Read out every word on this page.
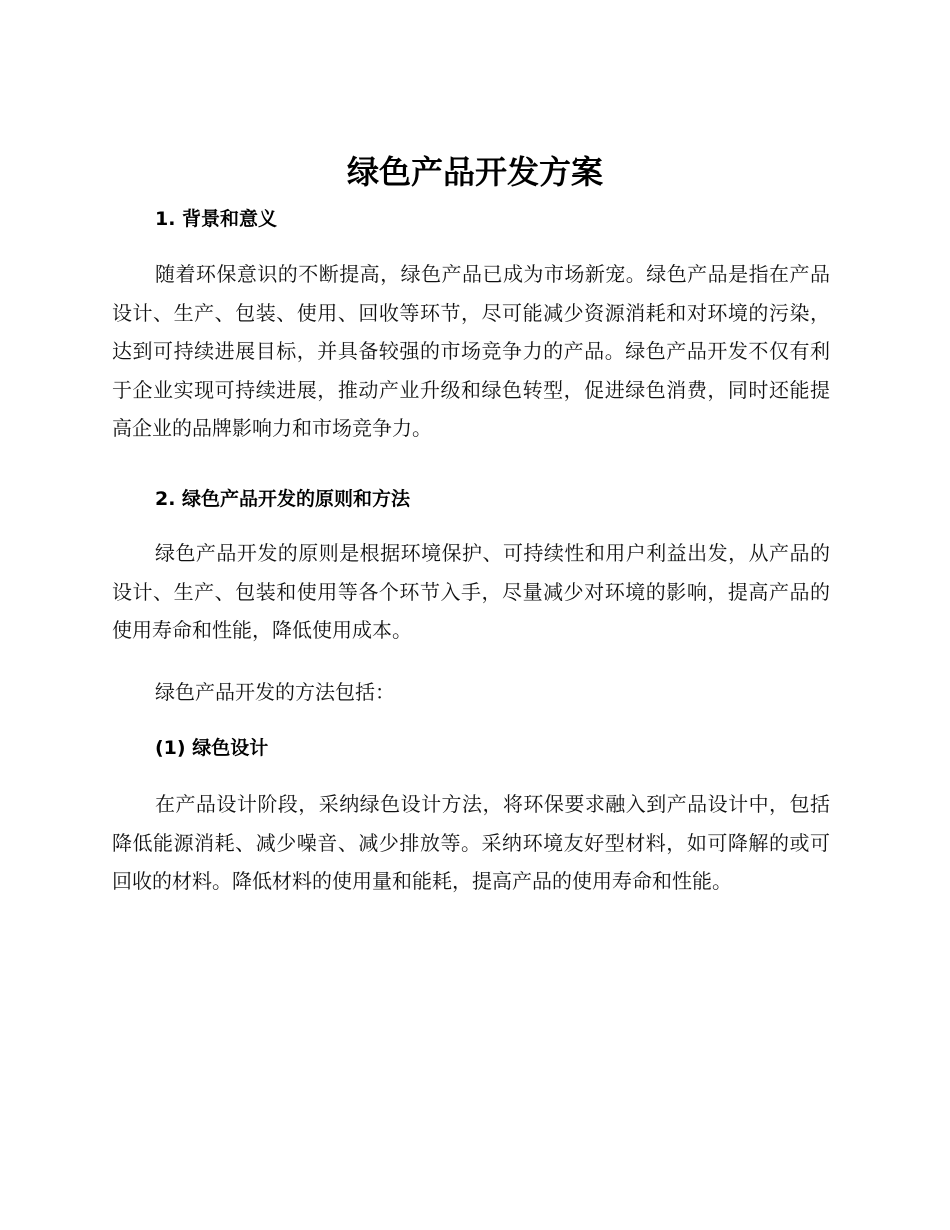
绿色产品开发方案
1. 背景和意义

随着环保意识的不断提高，绿色产品已成为市场新宠。绿色产品是指在产品设计、生产、包装、使用、回收等环节，尽可能减少资源消耗和对环境的污染，达到可持续进展目标，并具备较强的市场竞争力的产品。绿色产品开发不仅有利于企业实现可持续进展，推动产业升级和绿色转型，促进绿色消费，同时还能提高企业的品牌影响力和市场竞争力。

2. 绿色产品开发的原则和方法

绿色产品开发的原则是根据环境保护、可持续性和用户利益出发，从产品的设计、生产、包装和使用等各个环节入手，尽量减少对环境的影响，提高产品的使用寿命和性能，降低使用成本。

绿色产品开发的方法包括：

(1) 绿色设计

在产品设计阶段，采纳绿色设计方法，将环保要求融入到产品设计中，包括降低能源消耗、减少噪音、减少排放等。采纳环境友好型材料，如可降解的或可回收的材料。降低材料的使用量和能耗，提高产品的使用寿命和性能。
